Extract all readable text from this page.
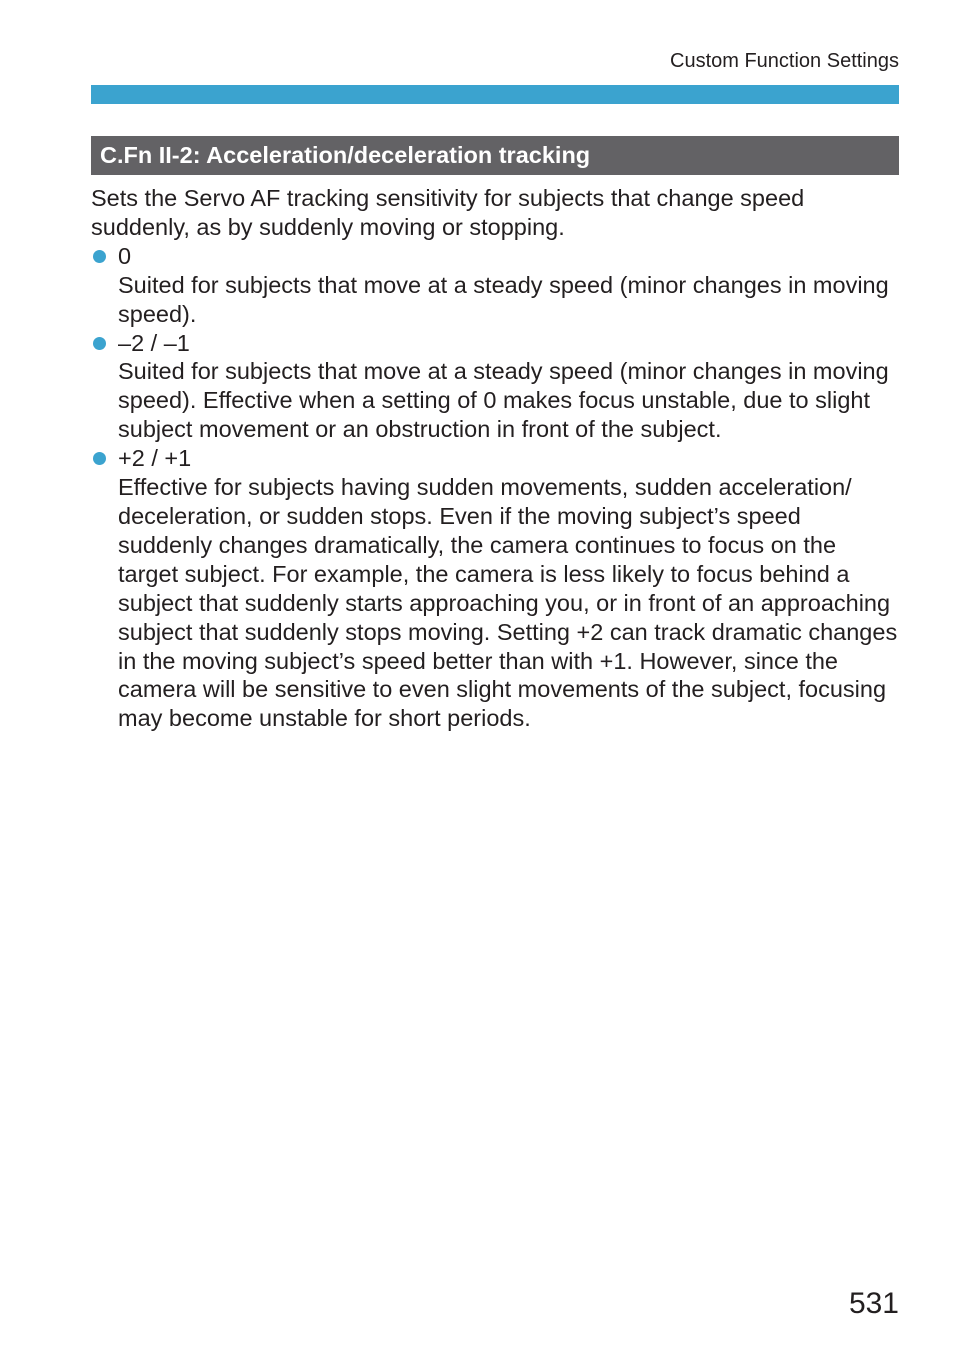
Custom Function Settings
C.Fn II-2: Acceleration/deceleration tracking

Sets the Servo AF tracking sensitivity for subjects that change speed suddenly, as by suddenly moving or stopping.

0
Suited for subjects that move at a steady speed (minor changes in moving speed).
–2 / –1
Suited for subjects that move at a steady speed (minor changes in moving speed). Effective when a setting of 0 makes focus unstable, due to slight subject movement or an obstruction in front of the subject.
+2 / +1
Effective for subjects having sudden movements, sudden acceleration/ deceleration, or sudden stops. Even if the moving subject’s speed suddenly changes dramatically, the camera continues to focus on the target subject. For example, the camera is less likely to focus behind a subject that suddenly starts approaching you, or in front of an approaching subject that suddenly stops moving. Setting +2 can track dramatic changes in the moving subject’s speed better than with +1. However, since the camera will be sensitive to even slight movements of the subject, focusing may become unstable for short periods.
531
